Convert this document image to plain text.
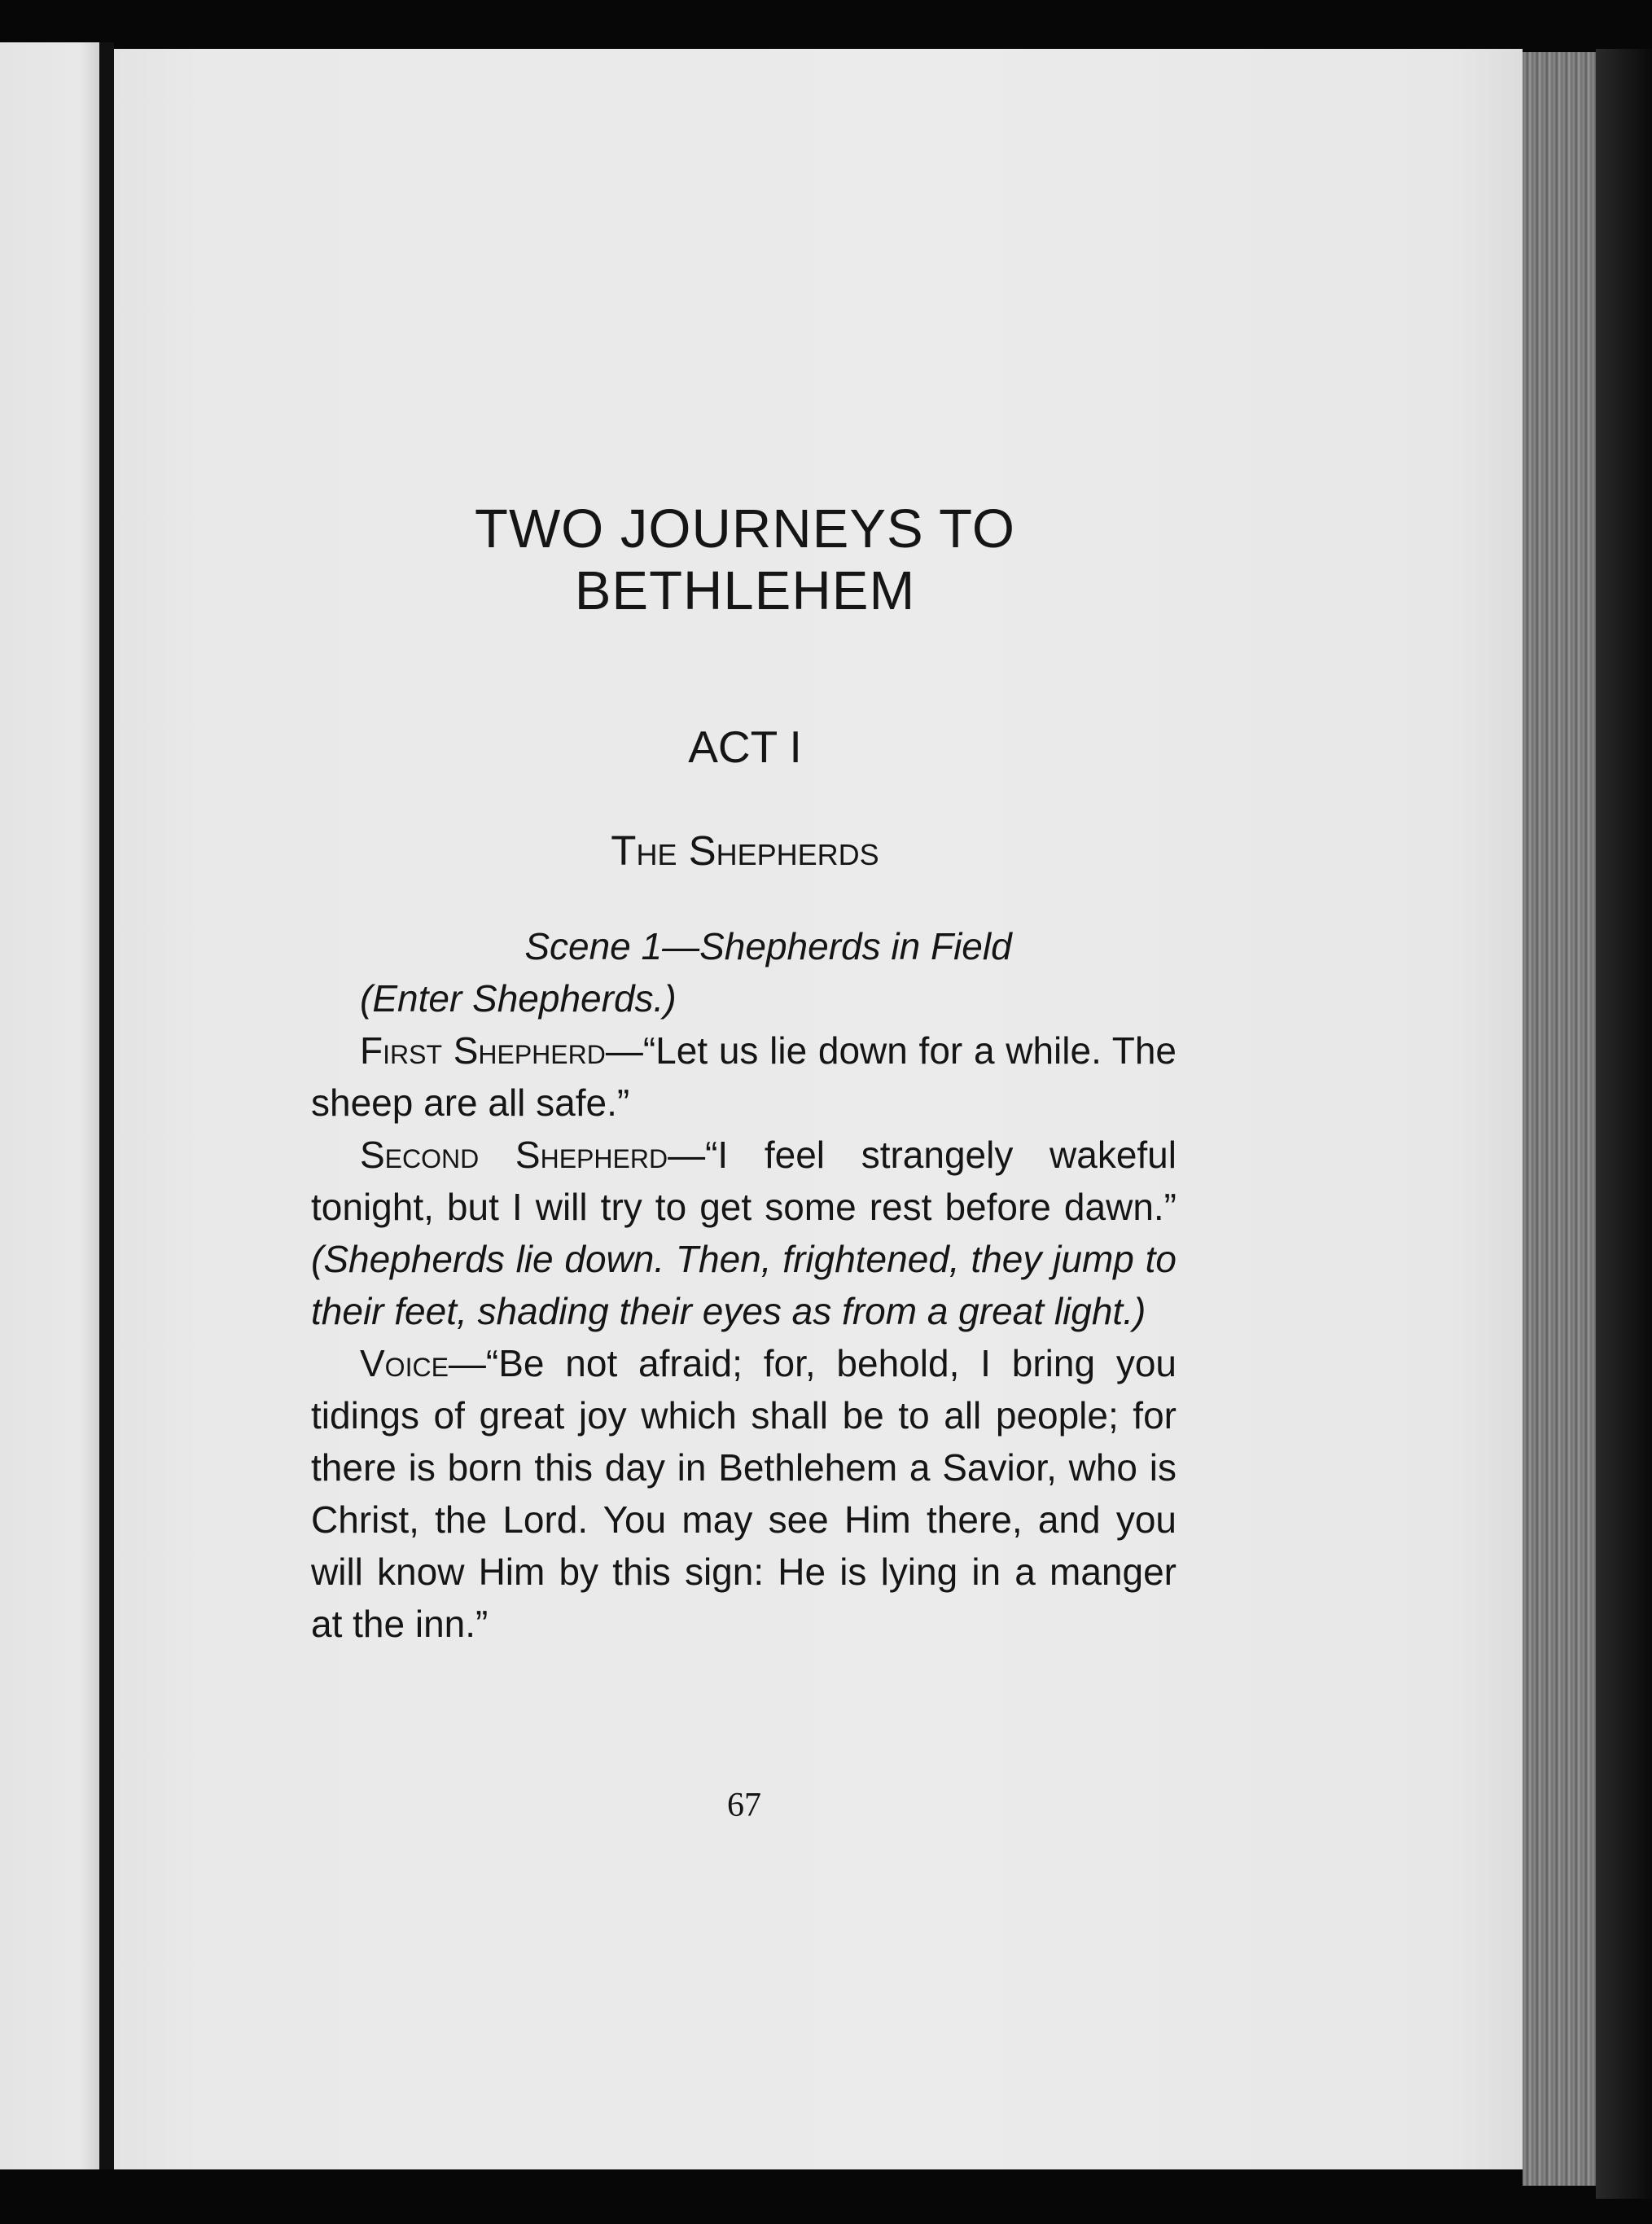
TWO JOURNEYS TO
BETHLEHEM
ACT I
The Shepherds

Scene 1—Shepherds in Field

(Enter Shepherds.)

First Shepherd—“Let us lie down for a while. The sheep are all safe.”

Second Shepherd—“I feel strangely wakeful tonight, but I will try to get some rest before dawn.” (Shepherds lie down. Then, frightened, they jump to their feet, shading their eyes as from a great light.)

Voice—“Be not afraid; for, behold, I bring you tidings of great joy which shall be to all people; for there is born this day in Bethlehem a Savior, who is Christ, the Lord. You may see Him there, and you will know Him by this sign: He is lying in a manger at the inn.”

67
